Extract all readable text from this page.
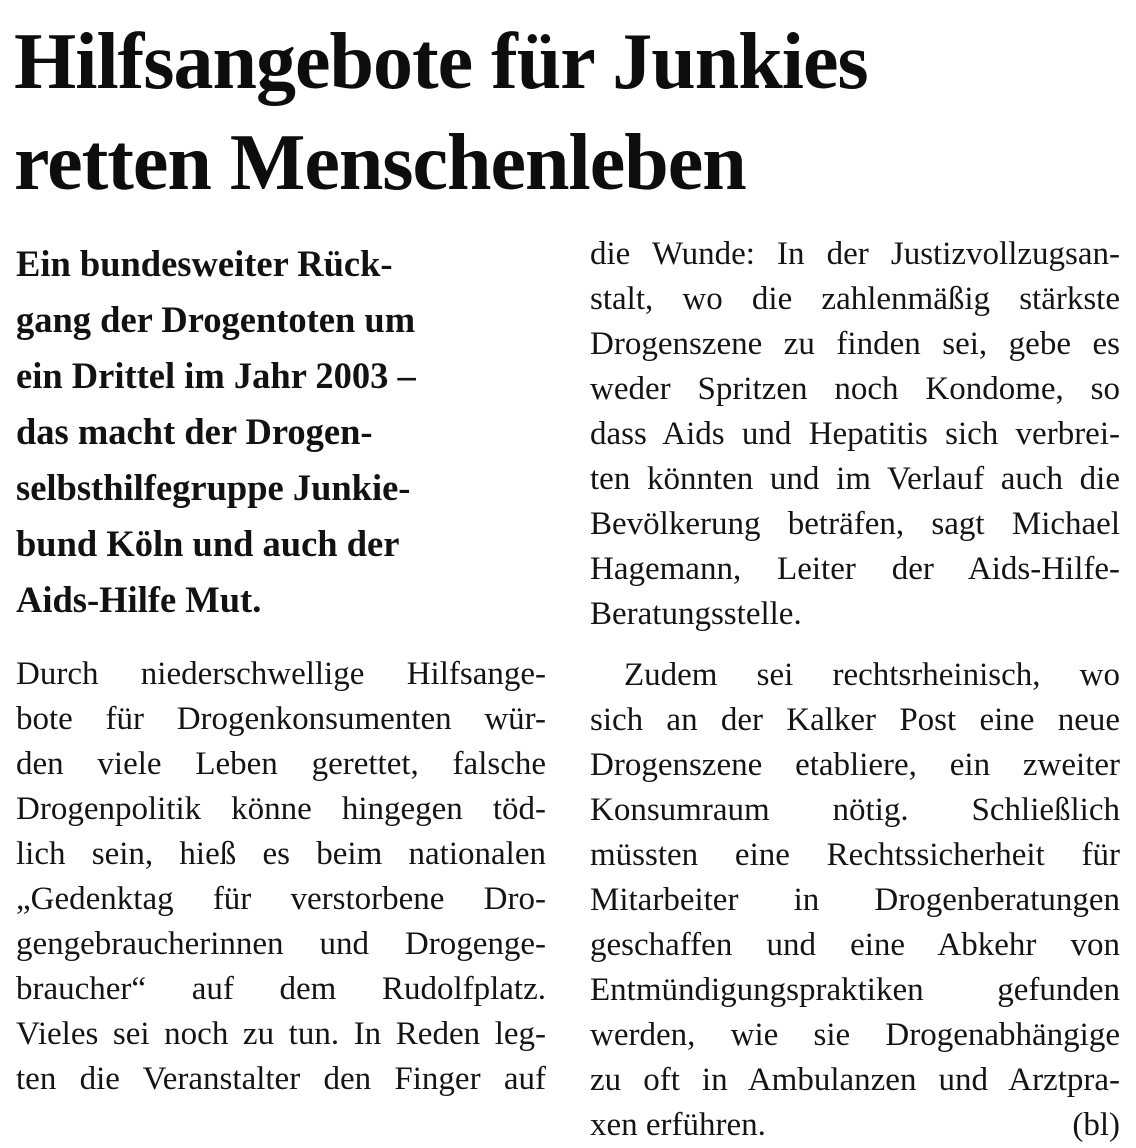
Hilfsangebote für Junkies
retten Menschenleben
Ein bundesweiter Rück-
gang der Drogentoten um
ein Drittel im Jahr 2003 –
das macht der Drogen-
selbsthilfegruppe Junkie-
bund Köln und auch der
Aids-Hilfe Mut.
Durch niederschwellige Hilfsange-
bote für Drogenkonsumenten wür-
den viele Leben gerettet, falsche
Drogenpolitik könne hingegen töd-
lich sein, hieß es beim nationalen
„Gedenktag für verstorbene Dro-
gengebraucherinnen und Drogenge-
braucher“ auf dem Rudolfplatz.
Vieles sei noch zu tun. In Reden leg-
ten die Veranstalter den Finger auf
die Wunde: In der Justizvollzugsan-
stalt, wo die zahlenmäßig stärkste
Drogenszene zu finden sei, gebe es
weder Spritzen noch Kondome, so
dass Aids und Hepatitis sich verbrei-
ten könnten und im Verlauf auch die
Bevölkerung beträfen, sagt Michael
Hagemann, Leiter der Aids-Hilfe-
Beratungsstelle.
Zudem sei rechtsrheinisch, wo
sich an der Kalker Post eine neue
Drogenszene etabliere, ein zweiter
Konsumraum nötig. Schließlich
müssten eine Rechtssicherheit für
Mitarbeiter in Drogenberatungen
geschaffen und eine Abkehr von
Entmündigungspraktiken gefunden
werden, wie sie Drogenabhängige
zu oft in Ambulanzen und Arztpra-
xen erführen.	(bl)
